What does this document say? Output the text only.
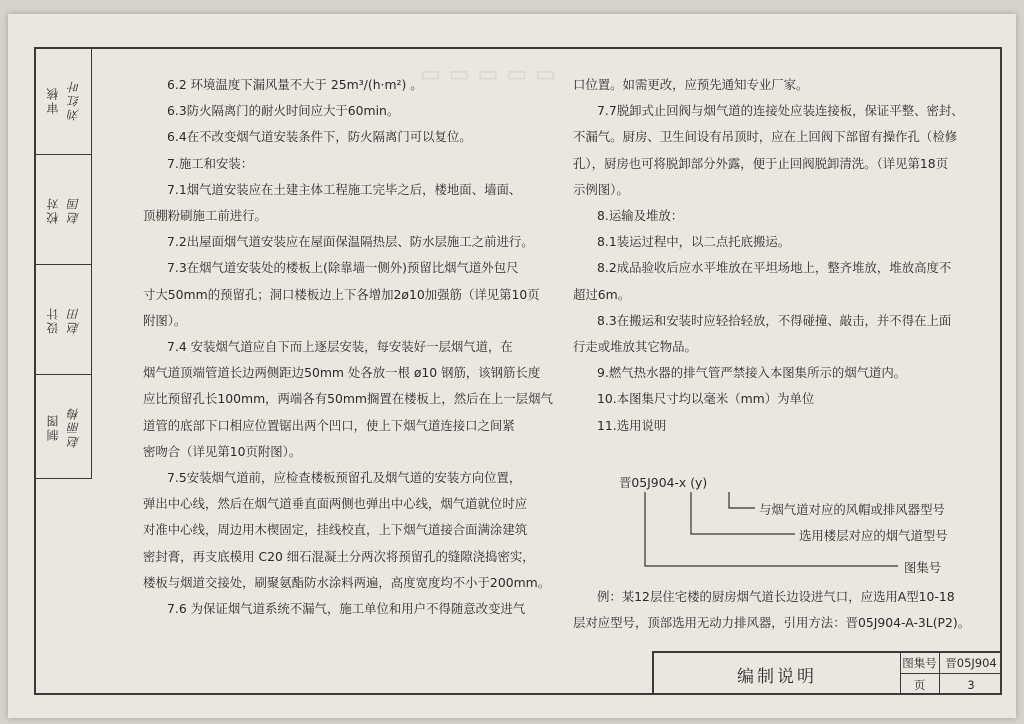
▭▭▭▭▭
审核 刘红叶
校对 赵国
设计 赵田
制图 赵丽梅

6.2 环境温度下漏风量不大于 25m³/(h·m²) 。

6.3防火隔离门的耐火时间应大于60min。

6.4在不改变烟气道安装条件下，防火隔离门可以复位。

7.施工和安装：

7.1烟气道安装应在土建主体工程施工完毕之后，楼地面、墙面、

顶棚粉刷施工前进行。

7.2出屋面烟气道安装应在屋面保温隔热层、防水层施工之前进行。

7.3在烟气道安装处的楼板上(除靠墙一侧外)预留比烟气道外包尺

寸大50mm的预留孔；洞口楼板边上下各增加2ø10加强筋（详见第10页

附图）。

7.4 安装烟气道应自下而上逐层安装，每安装好一层烟气道，在

烟气道顶端管道长边两侧距边50mm 处各放一根 ø10 钢筋，该钢筋长度

应比预留孔长100mm，两端各有50mm搁置在楼板上，然后在上一层烟气

道管的底部下口相应位置锯出两个凹口，使上下烟气道连接口之间紧

密吻合（详见第10页附图）。

7.5安装烟气道前，应检查楼板预留孔及烟气道的安装方向位置，

弹出中心线，然后在烟气道垂直面两侧也弹出中心线，烟气道就位时应

对准中心线，周边用木楔固定，挂线校直，上下烟气道接合面满涂建筑

密封膏，再支底模用 C20 细石混凝土分两次将预留孔的缝隙浇捣密实，

楼板与烟道交接处，刷聚氨酯防水涂料两遍，高度宽度均不小于200mm。

7.6 为保证烟气道系统不漏气，施工单位和用户不得随意改变进气

口位置。如需更改，应预先通知专业厂家。

7.7脱卸式止回阀与烟气道的连接处应装连接板，保证平整、密封、

不漏气。厨房、卫生间设有吊顶时，应在上回阀下部留有操作孔（检修

孔），厨房也可将脱卸部分外露，便于止回阀脱卸清洗。（详见第18页

示例图）。

8.运输及堆放：

8.1装运过程中，以二点托底搬运。

8.2成品验收后应水平堆放在平坦场地上，整齐堆放，堆放高度不

超过6m。

8.3在搬运和安装时应轻拾轻放，不得碰撞、敲击，并不得在上面

行走或堆放其它物品。

9.燃气热水器的排气管严禁接入本图集所示的烟气道内。

10.本图集尺寸均以毫米（mm）为单位

11.选用说明

晋05J904-x (y)
与烟气道对应的风帽或排风器型号
选用楼层对应的烟气道型号
图集号

例：某12层住宅楼的厨房烟气道长边设进气口，应选用A型10-18

层对应型号，顶部选用无动力排风器，引用方法：晋05J904-A-3L(P2)。

编制说明
图集号 晋05J904
页	3
